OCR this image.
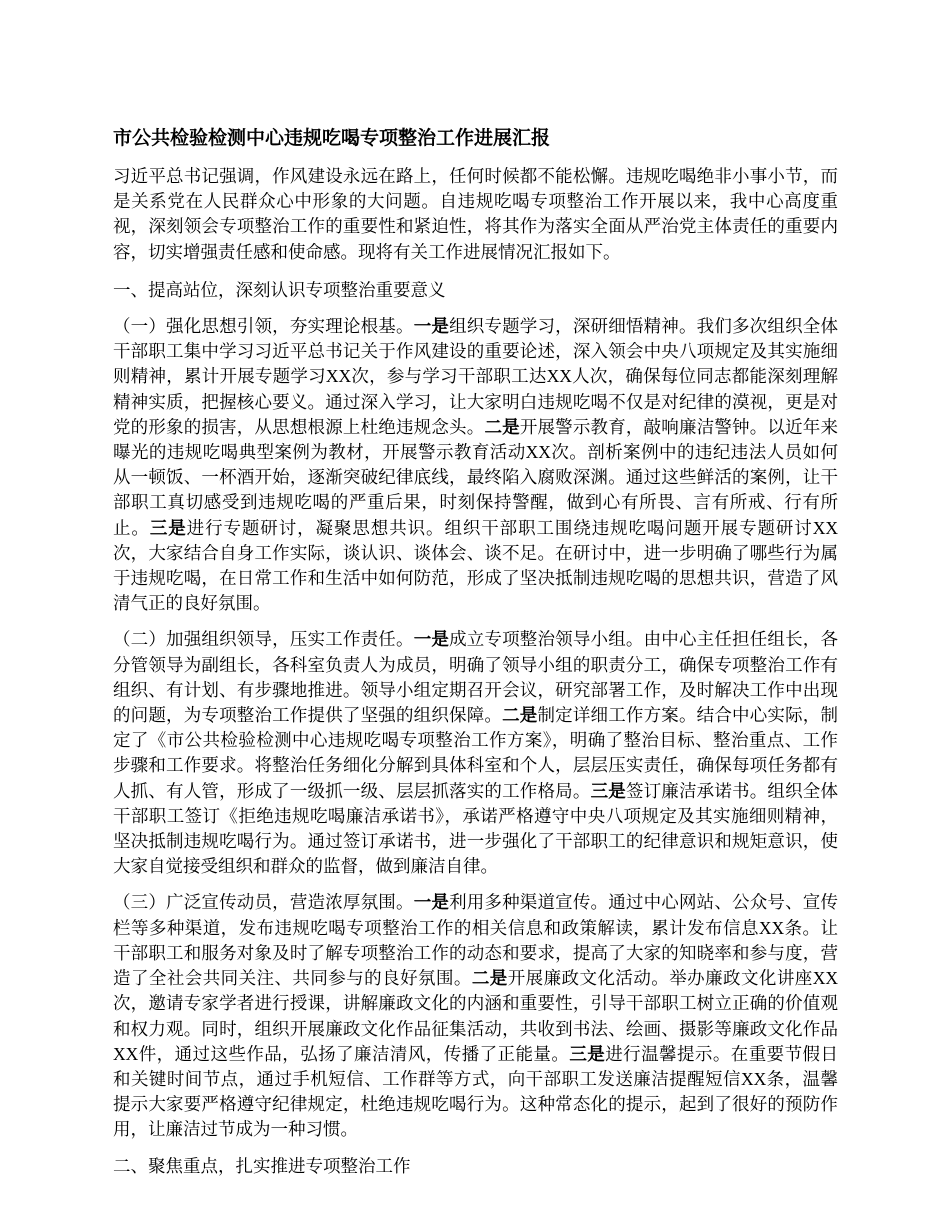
市公共检验检测中心违规吃喝专项整治工作进展汇报

习近平总书记强调，作风建设永远在路上，任何时候都不能松懈。违规吃喝绝非小事小节，而是关系党在人民群众心中形象的大问题。自违规吃喝专项整治工作开展以来，我中心高度重视，深刻领会专项整治工作的重要性和紧迫性，将其作为落实全面从严治党主体责任的重要内容，切实增强责任感和使命感。现将有关工作进展情况汇报如下。

一、提高站位，深刻认识专项整治重要意义

（一）强化思想引领，夯实理论根基。一是组织专题学习，深研细悟精神。我们多次组织全体干部职工集中学习习近平总书记关于作风建设的重要论述，深入领会中央八项规定及其实施细则精神，累计开展专题学习XX次，参与学习干部职工达XX人次，确保每位同志都能深刻理解精神实质，把握核心要义。通过深入学习，让大家明白违规吃喝不仅是对纪律的漠视，更是对党的形象的损害，从思想根源上杜绝违规念头。二是开展警示教育，敲响廉洁警钟。以近年来曝光的违规吃喝典型案例为教材，开展警示教育活动XX次。剖析案例中的违纪违法人员如何从一顿饭、一杯酒开始，逐渐突破纪律底线，最终陷入腐败深渊。通过这些鲜活的案例，让干部职工真切感受到违规吃喝的严重后果，时刻保持警醒，做到心有所畏、言有所戒、行有所止。三是进行专题研讨，凝聚思想共识。组织干部职工围绕违规吃喝问题开展专题研讨XX次，大家结合自身工作实际，谈认识、谈体会、谈不足。在研讨中，进一步明确了哪些行为属于违规吃喝，在日常工作和生活中如何防范，形成了坚决抵制违规吃喝的思想共识，营造了风清气正的良好氛围。

（二）加强组织领导，压实工作责任。一是成立专项整治领导小组。由中心主任担任组长，各分管领导为副组长，各科室负责人为成员，明确了领导小组的职责分工，确保专项整治工作有组织、有计划、有步骤地推进。领导小组定期召开会议，研究部署工作，及时解决工作中出现的问题，为专项整治工作提供了坚强的组织保障。二是制定详细工作方案。结合中心实际，制定了《市公共检验检测中心违规吃喝专项整治工作方案》，明确了整治目标、整治重点、工作步骤和工作要求。将整治任务细化分解到具体科室和个人，层层压实责任，确保每项任务都有人抓、有人管，形成了一级抓一级、层层抓落实的工作格局。三是签订廉洁承诺书。组织全体干部职工签订《拒绝违规吃喝廉洁承诺书》，承诺严格遵守中央八项规定及其实施细则精神，坚决抵制违规吃喝行为。通过签订承诺书，进一步强化了干部职工的纪律意识和规矩意识，使大家自觉接受组织和群众的监督，做到廉洁自律。

（三）广泛宣传动员，营造浓厚氛围。一是利用多种渠道宣传。通过中心网站、公众号、宣传栏等多种渠道，发布违规吃喝专项整治工作的相关信息和政策解读，累计发布信息XX条。让干部职工和服务对象及时了解专项整治工作的动态和要求，提高了大家的知晓率和参与度，营造了全社会共同关注、共同参与的良好氛围。二是开展廉政文化活动。举办廉政文化讲座XX次，邀请专家学者进行授课，讲解廉政文化的内涵和重要性，引导干部职工树立正确的价值观和权力观。同时，组织开展廉政文化作品征集活动，共收到书法、绘画、摄影等廉政文化作品XX件，通过这些作品，弘扬了廉洁清风，传播了正能量。三是进行温馨提示。在重要节假日和关键时间节点，通过手机短信、工作群等方式，向干部职工发送廉洁提醒短信XX条，温馨提示大家要严格遵守纪律规定，杜绝违规吃喝行为。这种常态化的提示，起到了很好的预防作用，让廉洁过节成为一种习惯。

二、聚焦重点，扎实推进专项整治工作
